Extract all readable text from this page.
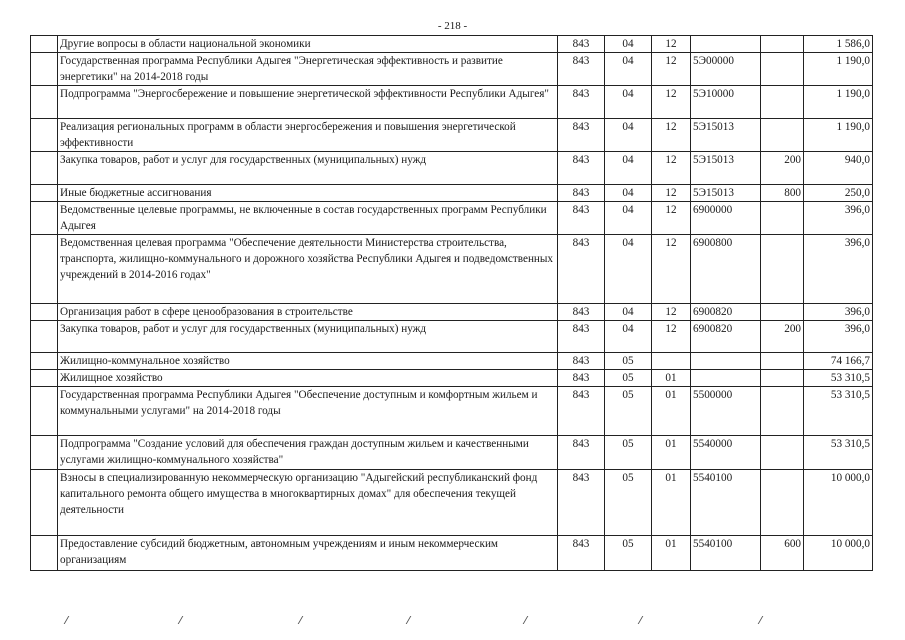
- 218 -
	Другие вопросы в области национальной экономики	843	04	12			1 586,0
	Государственная программа Республики Адыгея "Энергетическая эффективность и развитие энергетики" на 2014-2018 годы	843	04	12	5Э00000		1 190,0
	Подпрограмма "Энергосбережение и повышение энергетической эффективности Республики Адыгея"	843	04	12	5Э10000		1 190,0
	Реализация региональных программ в области энергосбережения и повышения энергетической эффективности	843	04	12	5Э15013		1 190,0
	Закупка товаров, работ и услуг для государственных (муниципальных) нужд	843	04	12	5Э15013	200	940,0
	Иные бюджетные ассигнования	843	04	12	5Э15013	800	250,0
	Ведомственные целевые программы, не включенные в состав государственных программ Республики Адыгея	843	04	12	6900000		396,0
	Ведомственная целевая программа "Обеспечение деятельности Министерства строительства, транспорта, жилищно-коммунального и дорожного хозяйства Республики Адыгея и подведомственных учреждений в 2014-2016 годах"	843	04	12	6900800		396,0
	Организация работ в сфере ценообразования в строительстве	843	04	12	6900820		396,0
	Закупка товаров, работ и услуг для государственных (муниципальных) нужд	843	04	12	6900820	200	396,0
	Жилищно-коммунальное хозяйство	843	05				74 166,7
	Жилищное хозяйство	843	05	01			53 310,5
	Государственная программа Республики Адыгея "Обеспечение доступным и комфортным жильем и коммунальными услугами" на 2014-2018 годы	843	05	01	5500000		53 310,5
	Подпрограмма "Создание условий для обеспечения граждан доступным жильем и качественными услугами жилищно-коммунального хозяйства"	843	05	01	5540000		53 310,5
	Взносы в специализированную некоммерческую организацию "Адыгейский республиканский фонд капитального ремонта общего имущества в многоквартирных домах" для обеспечения текущей деятельности	843	05	01	5540100		10 000,0
	Предоставление субсидий бюджетным, автономным учреждениям и иным некоммерческим организациям	843	05	01	5540100	600	10 000,0
